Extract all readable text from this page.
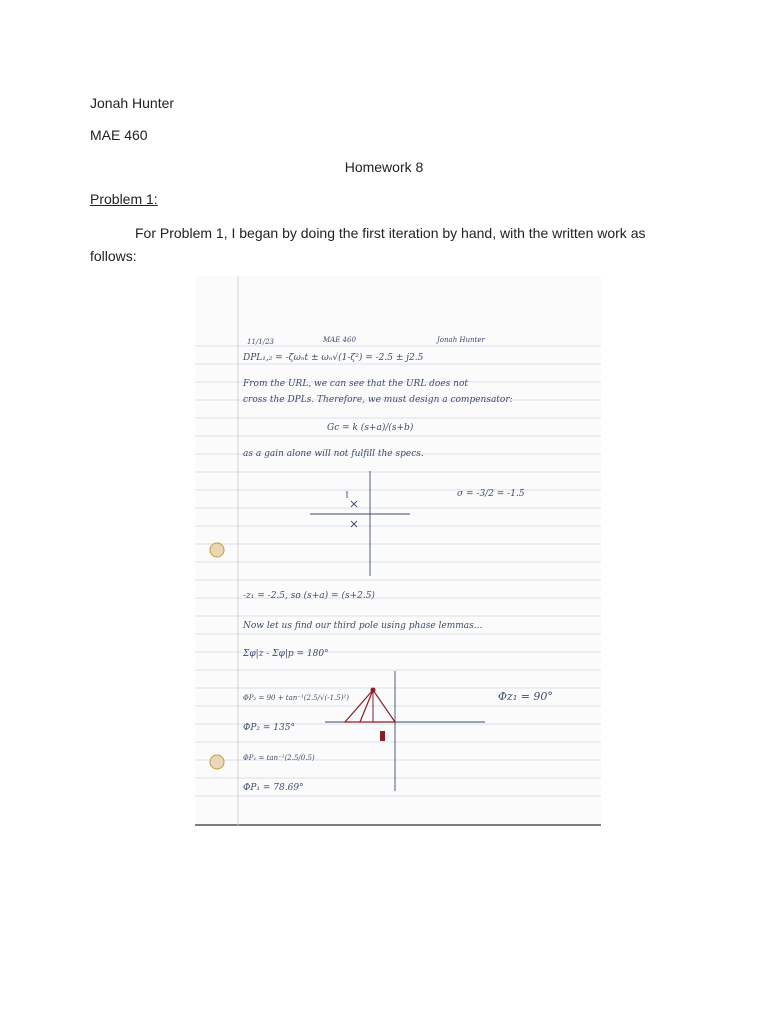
Jonah Hunter
MAE 460
Homework 8
Problem 1:
For Problem 1, I began by doing the first iteration by hand, with the written work as follows:
11/1/23	MAE 460	Jonah Hunter
DPL₁,₂ = -ζωₙt ± ωₙ√(1-ζ²) = -2.5 ± j2.5
From the URL, we can see that the URL does not
cross the DPLs. Therefore, we must design a compensator:
Gc = k (s+a)/(s+b)
as a gain alone will not fulfill the specs.
σ = -3/2 = -1.5
-z₁ = -2.5, so (s+a) = (s+2.5)
Now let us find our third pole using phase lemmas...
Σφ|z - Σφ|p = 180°
ΦP₂ = 90 + tan⁻¹(2.5/√(-1.5)²)	Φz₁ = 90°
ΦP₂ = 135°
ΦP₁ = tan⁻¹(2.5/0.5)
ΦP₁ = 78.69°
